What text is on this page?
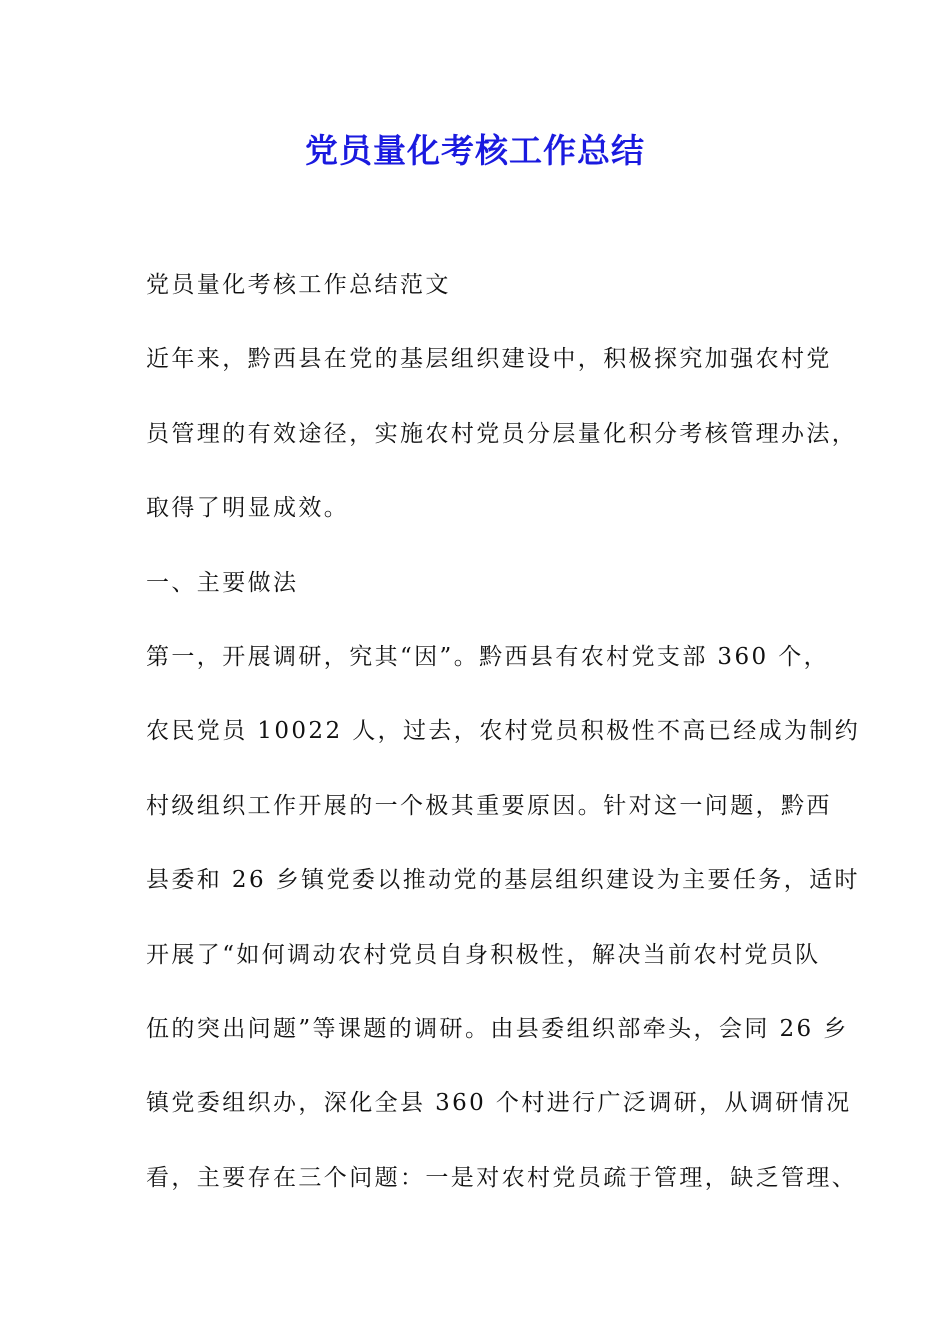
党员量化考核工作总结
党员量化考核工作总结范文
近年来，黔西县在党的基层组织建设中，积极探究加强农村党
员管理的有效途径，实施农村党员分层量化积分考核管理办法，
取得了明显成效。
一、主要做法
第一，开展调研，究其“因”。黔西县有农村党支部 360 个，
农民党员 10022 人，过去，农村党员积极性不高已经成为制约
村级组织工作开展的一个极其重要原因。针对这一问题，黔西
县委和 26 乡镇党委以推动党的基层组织建设为主要任务，适时
开展了“如何调动农村党员自身积极性，解决当前农村党员队
伍的突出问题”等课题的调研。由县委组织部牵头，会同 26 乡
镇党委组织办，深化全县 360 个村进行广泛调研，从调研情况
看，主要存在三个问题：一是对农村党员疏于管理，缺乏管理、
